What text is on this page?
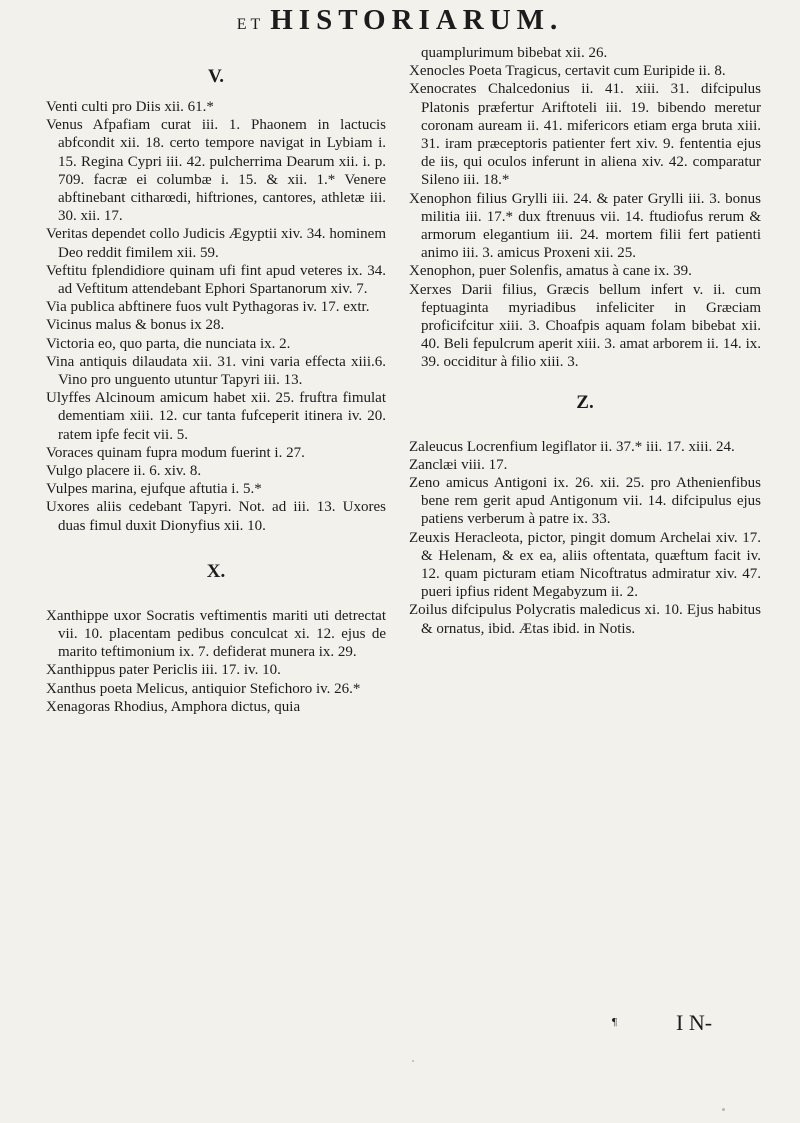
ET HISTORIARUM.
V.

Venti culti pro Diis xii. 61.*

Venus Afpafiam curat iii. 1. Phaonem in lactucis abfcondit xii. 18. certo tempore navigat in Lybiam i. 15. Regina Cypri iii. 42. pulcherrima Dearum xii. i. p. 709. facræ ei columbæ i. 15. & xii. 1.* Venere abftinebant citharœdi, hiftriones, cantores, athletæ iii. 30. xii. 17.

Veritas dependet collo Judicis Ægyptii xiv. 34. hominem Deo reddit fimilem xii. 59.

Veftitu fplendidiore quinam ufi fint apud veteres ix. 34. ad Veftitum attendebant Ephori Spartanorum xiv. 7.

Via publica abftinere fuos vult Pythagoras iv. 17. extr.

Vicinus malus & bonus ix 28.

Victoria eo, quo parta, die nunciata ix. 2.

Vina antiquis dilaudata xii. 31. vini varia effecta xiii.6. Vino pro unguento utuntur Tapyri iii. 13.

Ulyffes Alcinoum amicum habet xii. 25. fruftra fimulat dementiam xiii. 12. cur tanta fufceperit itinera iv. 20. ratem ipfe fecit vii. 5.

Voraces quinam fupra modum fuerint i. 27.

Vulgo placere ii. 6. xiv. 8.

Vulpes marina, ejufque aftutia i. 5.*

Uxores aliis cedebant Tapyri. Not. ad iii. 13. Uxores duas fimul duxit Dionyfius xii. 10.

X.

Xanthippe uxor Socratis veftimentis mariti uti detrectat vii. 10. placentam pedibus conculcat xi. 12. ejus de marito teftimonium ix. 7. defiderat munera ix. 29.

Xanthippus pater Periclis iii. 17. iv. 10.

Xanthus poeta Melicus, antiquior Stefichoro iv. 26.*

Xenagoras Rhodius, Amphora dictus, quia

quamplurimum bibebat xii. 26.

Xenocles Poeta Tragicus, certavit cum Euripide ii. 8.

Xenocrates Chalcedonius ii. 41. xiii. 31. difcipulus Platonis præfertur Ariftoteli iii. 19. bibendo meretur coronam auream ii. 41. mifericors etiam erga bruta xiii. 31. iram præceptoris patienter fert xiv. 9. fententia ejus de iis, qui oculos inferunt in aliena xiv. 42. comparatur Sileno iii. 18.*

Xenophon filius Grylli iii. 24. & pater Grylli iii. 3. bonus militia iii. 17.* dux ftrenuus vii. 14. ftudiofus rerum & armorum elegantium iii. 24. mortem filii fert patienti animo iii. 3. amicus Proxeni xii. 25.

Xenophon, puer Solenfis, amatus à cane ix. 39.

Xerxes Darii filius, Græcis bellum infert v. ii. cum feptuaginta myriadibus infeliciter in Græciam proficifcitur xiii. 3. Choafpis aquam folam bibebat xii. 40. Beli fepulcrum aperit xiii. 3. amat arborem ii. 14. ix. 39. occiditur à filio xiii. 3.

Z.

Zaleucus Locrenfium legiflator ii. 37.* iii. 17. xiii. 24.

Zanclæi viii. 17.

Zeno amicus Antigoni ix. 26. xii. 25. pro Athenienfibus bene rem gerit apud Antigonum vii. 14. difcipulus ejus patiens verberum à patre ix. 33.

Zeuxis Heracleota, pictor, pingit domum Archelai xiv. 17. & Helenam, & ex ea, aliis oftentata, quæftum facit iv. 12. quam picturam etiam Nicoftratus admiratur xiv. 47. pueri ipfius rident Megabyzum ii. 2.

Zoilus difcipulus Polycratis maledicus xi. 10. Ejus habitus & ornatus, ibid. Ætas ibid. in Notis.

¶	I N-
